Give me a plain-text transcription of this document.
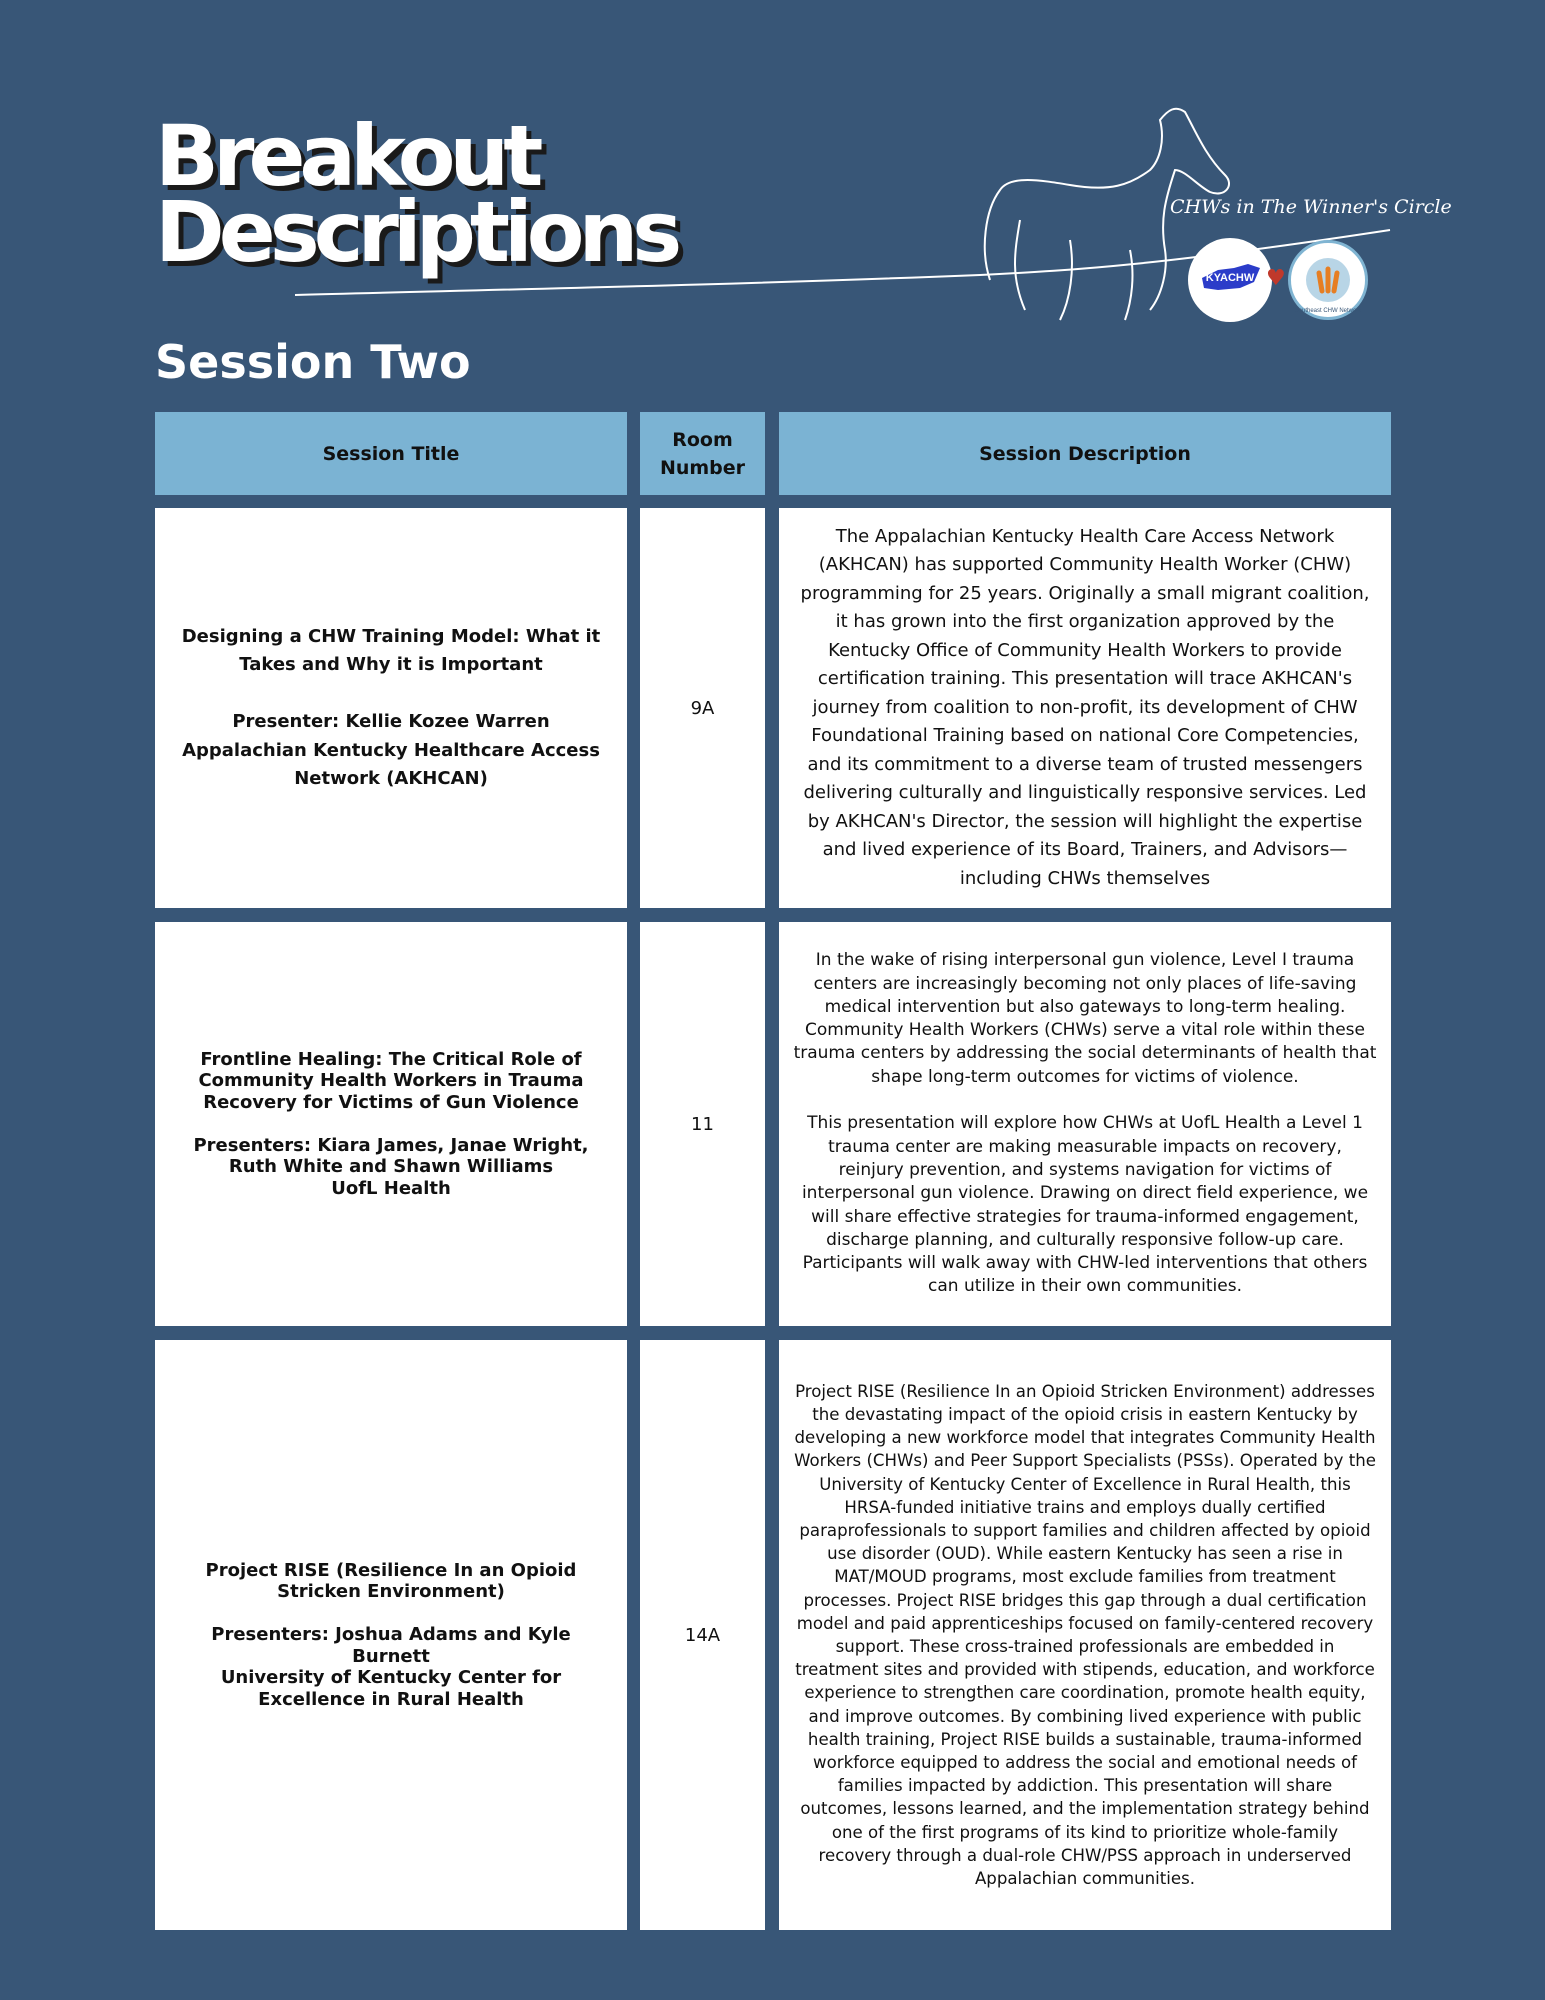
Breakout
Descriptions	CHWs in The Winner's Circle
KYACHW ♥
Southeast CHW Network
Session Two
Session Title
Room
Number
Session Description
Designing a CHW Training Model: What it Takes and Why it is Important

Presenter: Kellie Kozee Warren
Appalachian Kentucky Healthcare Access Network (AKHCAN)
9A
The Appalachian Kentucky Health Care Access Network (AKHCAN) has supported Community Health Worker (CHW) programming for 25 years. Originally a small migrant coalition, it has grown into the first organization approved by the Kentucky Office of Community Health Workers to provide certification training. This presentation will trace AKHCAN's journey from coalition to non-profit, its development of CHW Foundational Training based on national Core Competencies, and its commitment to a diverse team of trusted messengers delivering culturally and linguistically responsive services. Led by AKHCAN's Director, the session will highlight the expertise and lived experience of its Board, Trainers, and Advisors—including CHWs themselves
Frontline Healing: The Critical Role of Community Health Workers in Trauma Recovery for Victims of Gun Violence

Presenters: Kiara James, Janae Wright, Ruth White and Shawn Williams
UofL Health
11
In the wake of rising interpersonal gun violence, Level I trauma centers are increasingly becoming not only places of life-saving medical intervention but also gateways to long-term healing. Community Health Workers (CHWs) serve a vital role within these trauma centers by addressing the social determinants of health that shape long-term outcomes for victims of violence.

This presentation will explore how CHWs at UofL Health a Level 1 trauma center are making measurable impacts on recovery, reinjury prevention, and systems navigation for victims of interpersonal gun violence. Drawing on direct field experience, we will share effective strategies for trauma-informed engagement, discharge planning, and culturally responsive follow-up care. Participants will walk away with CHW-led interventions that others can utilize in their own communities.
Project RISE (Resilience In an Opioid Stricken Environment)

Presenters: Joshua Adams and Kyle Burnett
University of Kentucky Center for Excellence in Rural Health
14A
Project RISE (Resilience In an Opioid Stricken Environment) addresses the devastating impact of the opioid crisis in eastern Kentucky by developing a new workforce model that integrates Community Health Workers (CHWs) and Peer Support Specialists (PSSs). Operated by the University of Kentucky Center of Excellence in Rural Health, this HRSA-funded initiative trains and employs dually certified paraprofessionals to support families and children affected by opioid use disorder (OUD). While eastern Kentucky has seen a rise in MAT/MOUD programs, most exclude families from treatment processes. Project RISE bridges this gap through a dual certification model and paid apprenticeships focused on family-centered recovery support. These cross-trained professionals are embedded in treatment sites and provided with stipends, education, and workforce experience to strengthen care coordination, promote health equity, and improve outcomes. By combining lived experience with public health training, Project RISE builds a sustainable, trauma-informed workforce equipped to address the social and emotional needs of families impacted by addiction. This presentation will share outcomes, lessons learned, and the implementation strategy behind one of the first programs of its kind to prioritize whole-family recovery through a dual-role CHW/PSS approach in underserved Appalachian communities.
